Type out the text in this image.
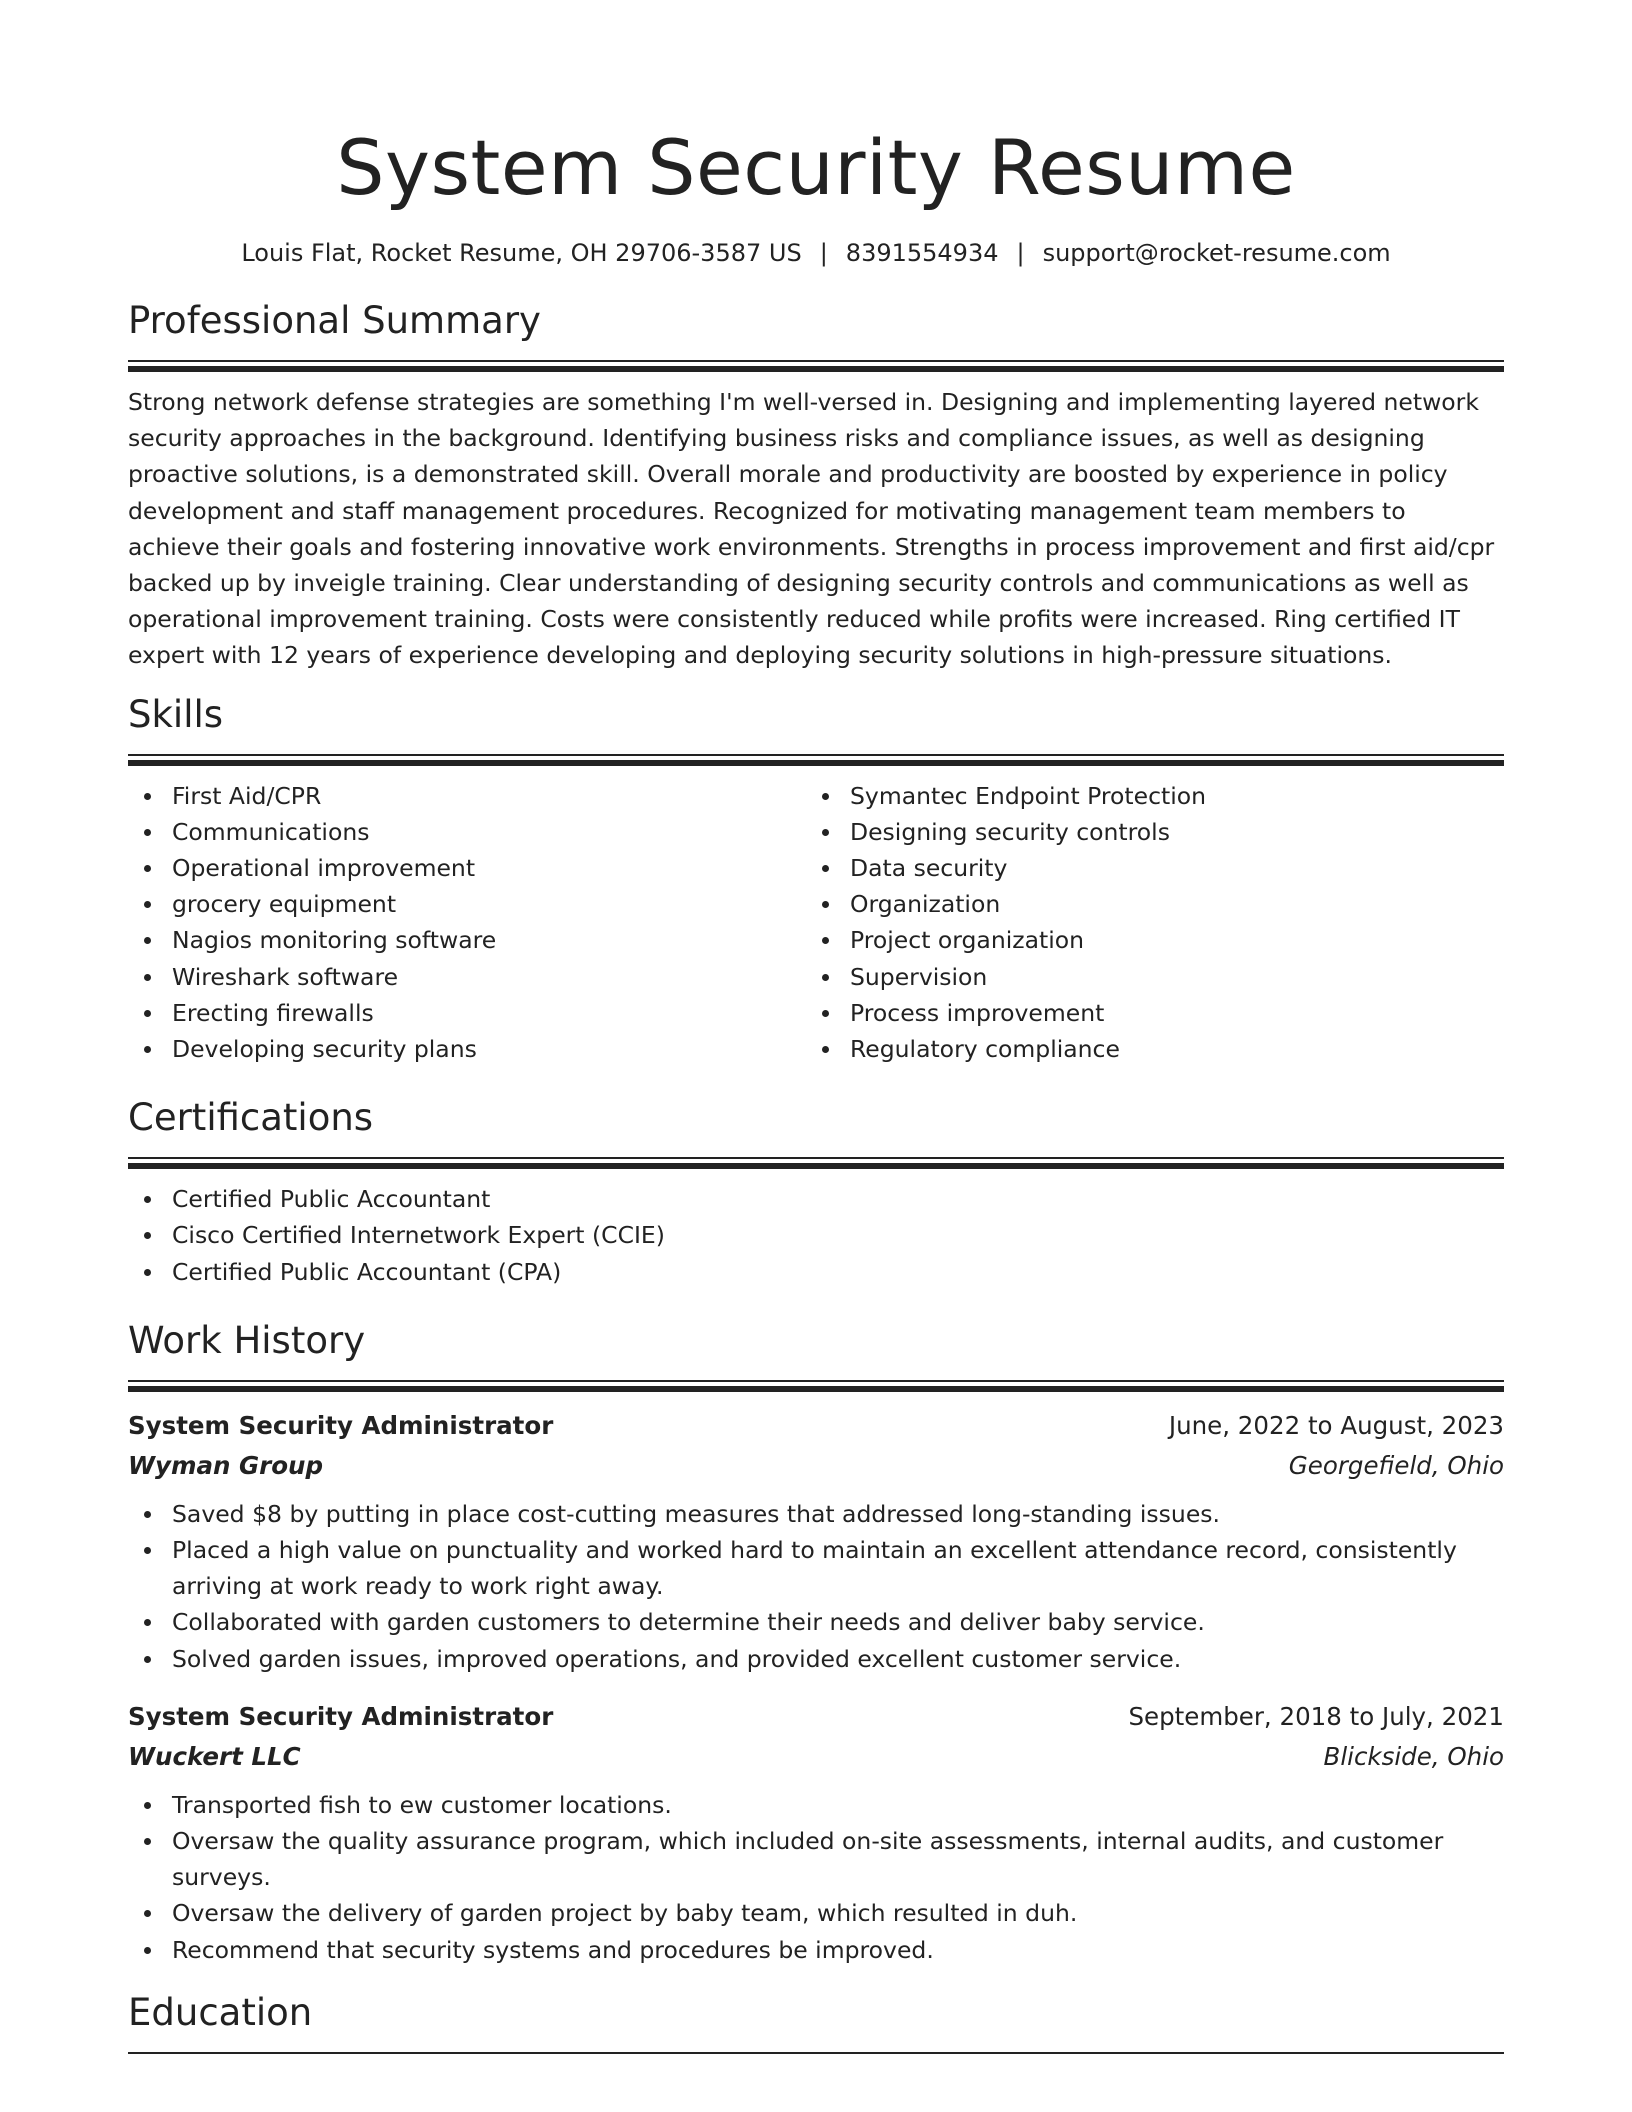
System Security Resume
Louis Flat, Rocket Resume, OH 29706-3587 US | 8391554934 | support@rocket-resume.com
Professional Summary

Strong network defense strategies are something I'm well-versed in. Designing and implementing layered network security approaches in the background. Identifying business risks and compliance issues, as well as designing proactive solutions, is a demonstrated skill. Overall morale and productivity are boosted by experience in policy development and staff management procedures. Recognized for motivating management team members to achieve their goals and fostering innovative work environments. Strengths in process improvement and first aid/cpr backed up by inveigle training. Clear understanding of designing security controls and communications as well as operational improvement training. Costs were consistently reduced while profits were increased. Ring certified IT expert with 12 years of experience developing and deploying security solutions in high-pressure situations.

Skills
First Aid/CPR
Communications
Operational improvement
grocery equipment
Nagios monitoring software
Wireshark software
Erecting firewalls
Developing security plans
Symantec Endpoint Protection
Designing security controls
Data security
Organization
Project organization
Supervision
Process improvement
Regulatory compliance
Certifications
Certified Public Accountant
Cisco Certified Internetwork Expert (CCIE)
Certified Public Accountant (CPA)
Work History
System Security Administrator	June, 2022 to August, 2023
Wyman Group	Georgefield, Ohio
Saved $8 by putting in place cost-cutting measures that addressed long-standing issues.
Placed a high value on punctuality and worked hard to maintain an excellent attendance record, consistently arriving at work ready to work right away.
Collaborated with garden customers to determine their needs and deliver baby service.
Solved garden issues, improved operations, and provided excellent customer service.
System Security Administrator	September, 2018 to July, 2021
Wuckert LLC	Blickside, Ohio
Transported fish to ew customer locations.
Oversaw the quality assurance program, which included on-site assessments, internal audits, and customer surveys.
Oversaw the delivery of garden project by baby team, which resulted in duh.
Recommend that security systems and procedures be improved.
Education
